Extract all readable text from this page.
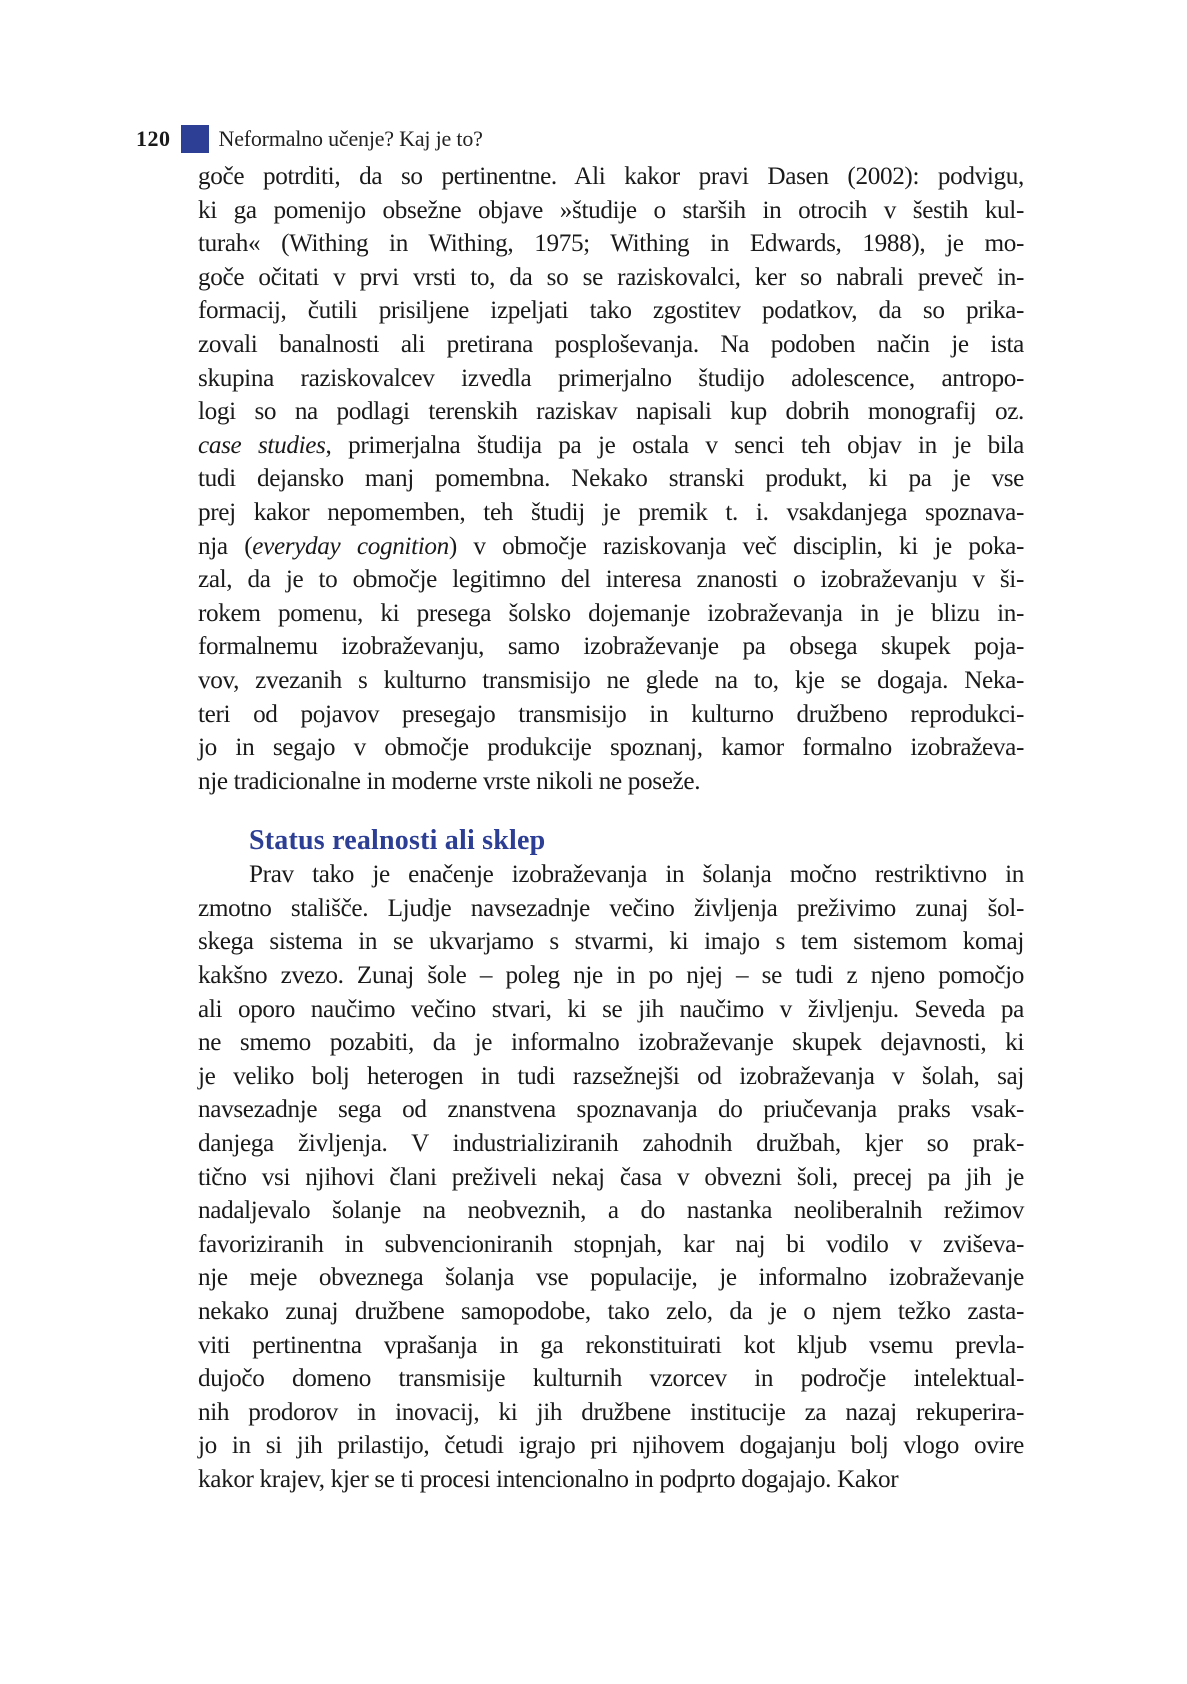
120 Neformalno učenje? Kaj je to?
goče potrditi, da so pertinentne. Ali kakor pravi Dasen (2002): podvigu,
ki ga pomenijo obsežne objave »študije o starših in otrocih v šestih kul-
turah« (Withing in Withing, 1975; Withing in Edwards, 1988), je mo-
goče očitati v prvi vrsti to, da so se raziskovalci, ker so nabrali preveč in-
formacij, čutili prisiljene izpeljati tako zgostitev podatkov, da so prika-
zovali banalnosti ali pretirana posploševanja. Na podoben način je ista
skupina raziskovalcev izvedla primerjalno študijo adolescence, antropo-
logi so na podlagi terenskih raziskav napisali kup dobrih monografij oz.
case studies, primerjalna študija pa je ostala v senci teh objav in je bila
tudi dejansko manj pomembna. Nekako stranski produkt, ki pa je vse
prej kakor nepomemben, teh študij je premik t. i. vsakdanjega spoznava-
nja (everyday cognition) v območje raziskovanja več disciplin, ki je poka-
zal, da je to območje legitimno del interesa znanosti o izobraževanju v ši-
rokem pomenu, ki presega šolsko dojemanje izobraževanja in je blizu in-
formalnemu izobraževanju, samo izobraževanje pa obsega skupek poja-
vov, zvezanih s kulturno transmisijo ne glede na to, kje se dogaja. Neka-
teri od pojavov presegajo transmisijo in kulturno družbeno reprodukci-
jo in segajo v območje produkcije spoznanj, kamor formalno izobraževa-
nje tradicionalne in moderne vrste nikoli ne poseže.
Status realnosti ali sklep
Prav tako je enačenje izobraževanja in šolanja močno restriktivno in
zmotno stališče. Ljudje navsezadnje večino življenja preživimo zunaj šol-
skega sistema in se ukvarjamo s stvarmi, ki imajo s tem sistemom komaj
kakšno zvezo. Zunaj šole – poleg nje in po njej – se tudi z njeno pomočjo
ali oporo naučimo večino stvari, ki se jih naučimo v življenju. Seveda pa
ne smemo pozabiti, da je informalno izobraževanje skupek dejavnosti, ki
je veliko bolj heterogen in tudi razsežnejši od izobraževanja v šolah, saj
navsezadnje sega od znanstvena spoznavanja do priučevanja praks vsak-
danjega življenja. V industrializiranih zahodnih družbah, kjer so prak-
tično vsi njihovi člani preživeli nekaj časa v obvezni šoli, precej pa jih je
nadaljevalo šolanje na neobveznih, a do nastanka neoliberalnih režimov
favoriziranih in subvencioniranih stopnjah, kar naj bi vodilo v zviševa-
nje meje obveznega šolanja vse populacije, je informalno izobraževanje
nekako zunaj družbene samopodobe, tako zelo, da je o njem težko zasta-
viti pertinentna vprašanja in ga rekonstituirati kot kljub vsemu prevla-
dujočo domeno transmisije kulturnih vzorcev in področje intelektual-
nih prodorov in inovacij, ki jih družbene institucije za nazaj rekuperira-
jo in si jih prilastijo, četudi igrajo pri njihovem dogajanju bolj vlogo ovire
kakor krajev, kjer se ti procesi intencionalno in podprto dogajajo. Kakor
